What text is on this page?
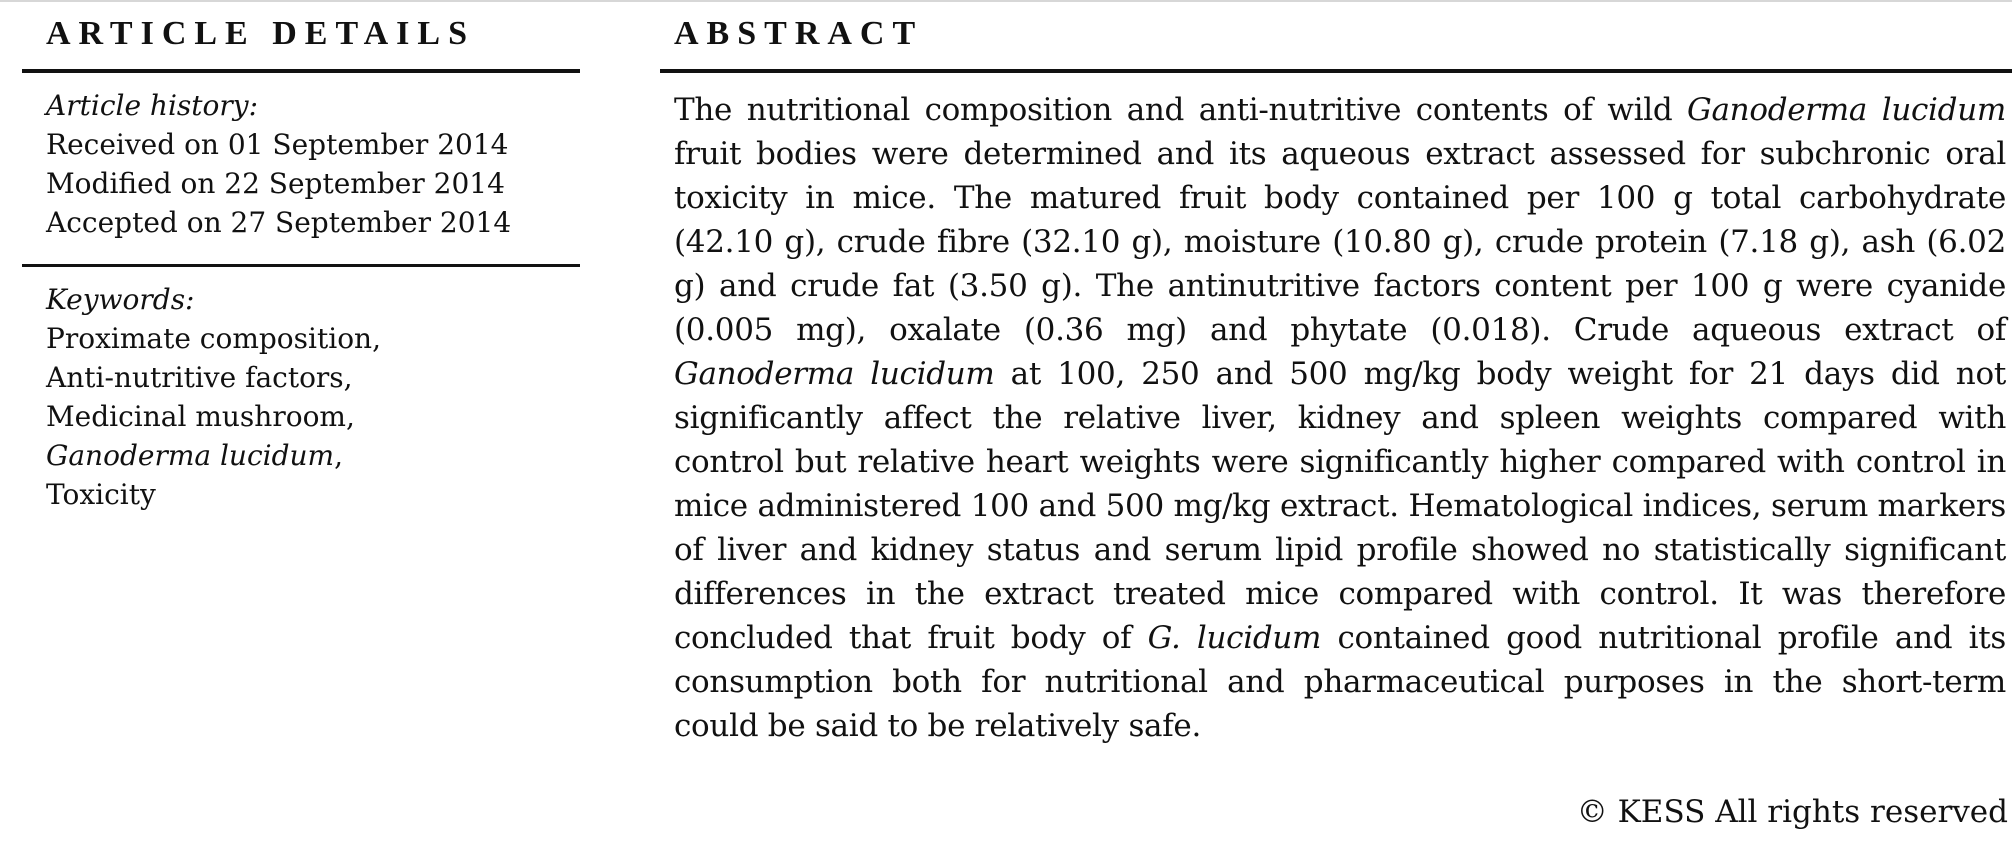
ARTICLE DETAILS
Article history:
Received on 01 September 2014
Modified on 22 September 2014
Accepted on 27 September 2014
Keywords:
Proximate composition,
Anti-nutritive factors,
Medicinal mushroom,
Ganoderma lucidum,
Toxicity
ABSTRACT

The nutritional composition and anti-nutritive contents of wild Ganoderma lucidum fruit bodies were determined and its aqueous extract assessed for subchronic oral toxicity in mice. The matured fruit body contained per 100 g total carbohydrate (42.10 g), crude fibre (32.10 g), moisture (10.80 g), crude protein (7.18 g), ash (6.02 g) and crude fat (3.50 g). The antinutritive factors content per 100 g were cyanide (0.005 mg), oxalate (0.36 mg) and phytate (0.018). Crude aqueous extract of Ganoderma lucidum at 100, 250 and 500 mg/kg body weight for 21 days did not significantly affect the relative liver, kidney and spleen weights compared with control but relative heart weights were significantly higher compared with control in mice administered 100 and 500 mg/kg extract. Hematological indices, serum markers of liver and kidney status and serum lipid profile showed no statistically significant differences in the extract treated mice compared with control. It was therefore concluded that fruit body of G. lucidum contained good nutritional profile and its consumption both for nutritional and pharmaceutical purposes in the short-term could be said to be relatively safe.

© KESS All rights reserved
